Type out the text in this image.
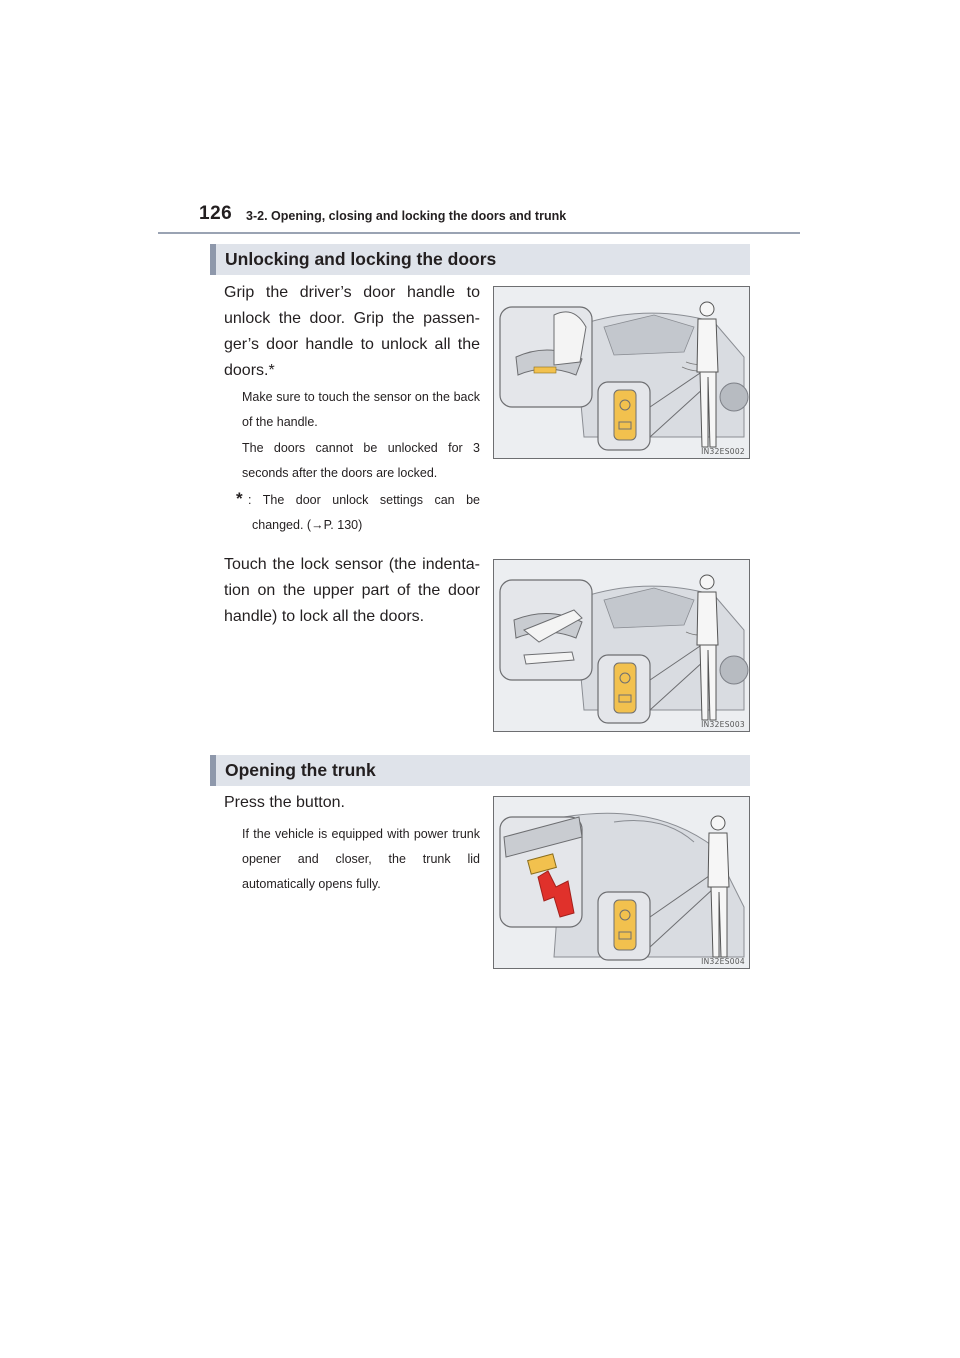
126 3-2. Opening, closing and locking the doors and trunk
Unlocking and locking the doors
Grip the driver’s door handle to unlock the door. Grip the passen-ger’s door handle to unlock all the doors.*
Make sure to touch the sensor on the back of the handle.
The doors cannot be unlocked for 3 seconds after the doors are locked.
* : The door unlock settings can be changed. (→P. 130)
IN32ES002
Touch the lock sensor (the indenta-tion on the upper part of the door handle) to lock all the doors.
IN32ES003
Opening the trunk
Press the button.
If the vehicle is equipped with power trunk opener and closer, the trunk lid automatically opens fully.
IN32ES004
